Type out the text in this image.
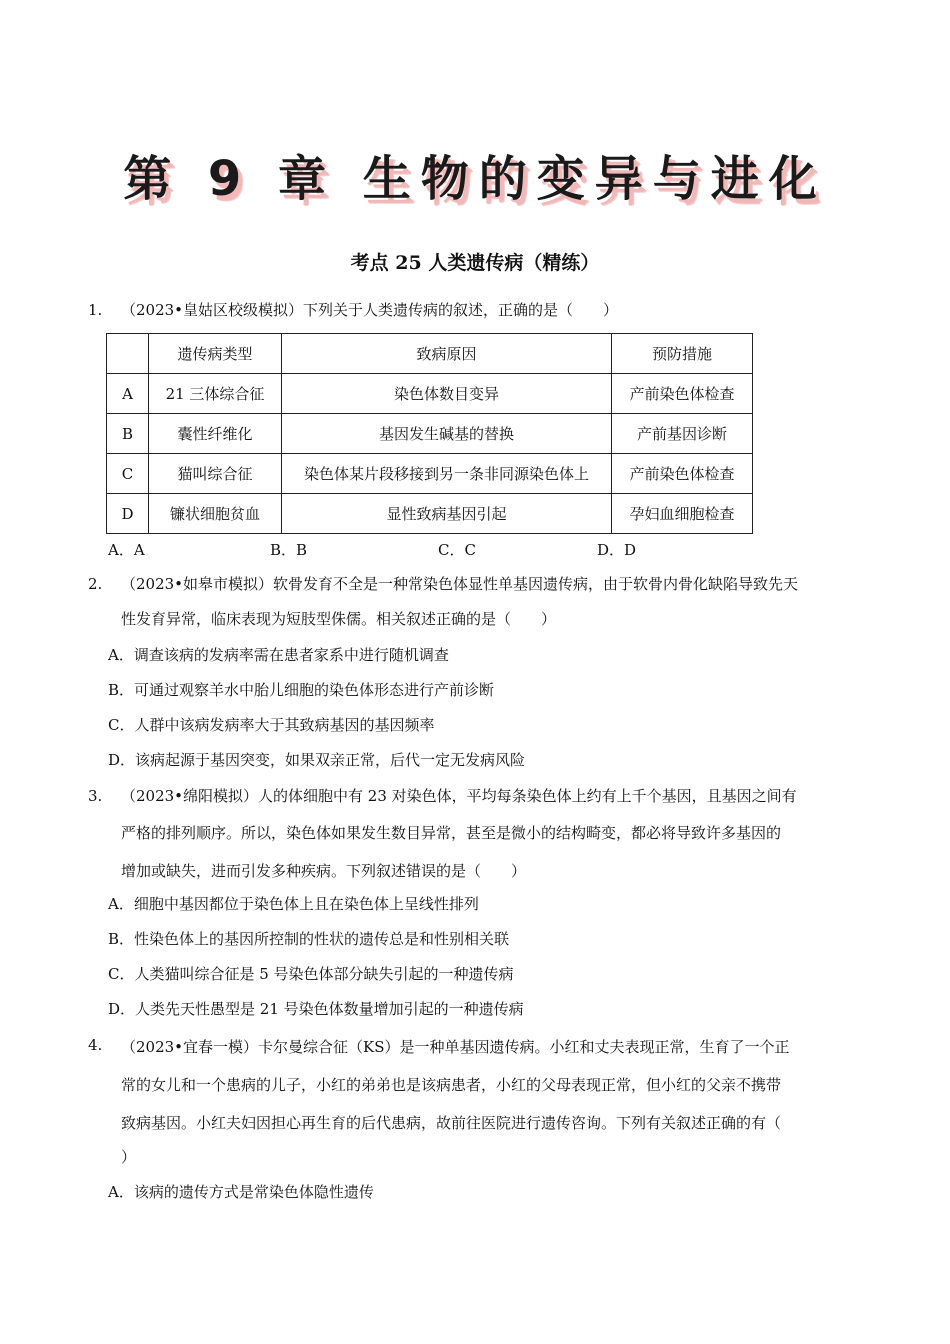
第 9 章 生物的变异与进化
考点 25 人类遗传病（精练）
1. （2023•皇姑区校级模拟）下列关于人类遗传病的叙述，正确的是（　　）
	遗传病类型	致病原因	预防措施
A	21 三体综合征	染色体数目变异	产前染色体检查
B	囊性纤维化	基因发生碱基的替换	产前基因诊断
C	猫叫综合征	染色体某片段移接到另一条非同源染色体上	产前染色体检查
D	镰状细胞贫血	显性致病基因引起	孕妇血细胞检查
A．A	B．B	C．C	D．D
2. （2023•如皋市模拟）软骨发育不全是一种常染色体显性单基因遗传病，由于软骨内骨化缺陷导致先天
性发育异常，临床表现为短肢型侏儒。相关叙述正确的是（　　）
A．调查该病的发病率需在患者家系中进行随机调查
B．可通过观察羊水中胎儿细胞的染色体形态进行产前诊断
C．人群中该病发病率大于其致病基因的基因频率
D．该病起源于基因突变，如果双亲正常，后代一定无发病风险
3. （2023•绵阳模拟）人的体细胞中有 23 对染色体，平均每条染色体上约有上千个基因，且基因之间有
严格的排列顺序。所以，染色体如果发生数目异常，甚至是微小的结构畸变，都必将导致许多基因的
增加或缺失，进而引发多种疾病。下列叙述错误的是（　　）
A．细胞中基因都位于染色体上且在染色体上呈线性排列
B．性染色体上的基因所控制的性状的遗传总是和性别相关联
C．人类猫叫综合征是 5 号染色体部分缺失引起的一种遗传病
D．人类先天性愚型是 21 号染色体数量增加引起的一种遗传病
4. （2023•宜春一模）卡尔曼综合征（KS）是一种单基因遗传病。小红和丈夫表现正常，生育了一个正
常的女儿和一个患病的儿子，小红的弟弟也是该病患者，小红的父母表现正常，但小红的父亲不携带
致病基因。小红夫妇因担心再生育的后代患病，故前往医院进行遗传咨询。下列有关叙述正确的有（
）
A．该病的遗传方式是常染色体隐性遗传
